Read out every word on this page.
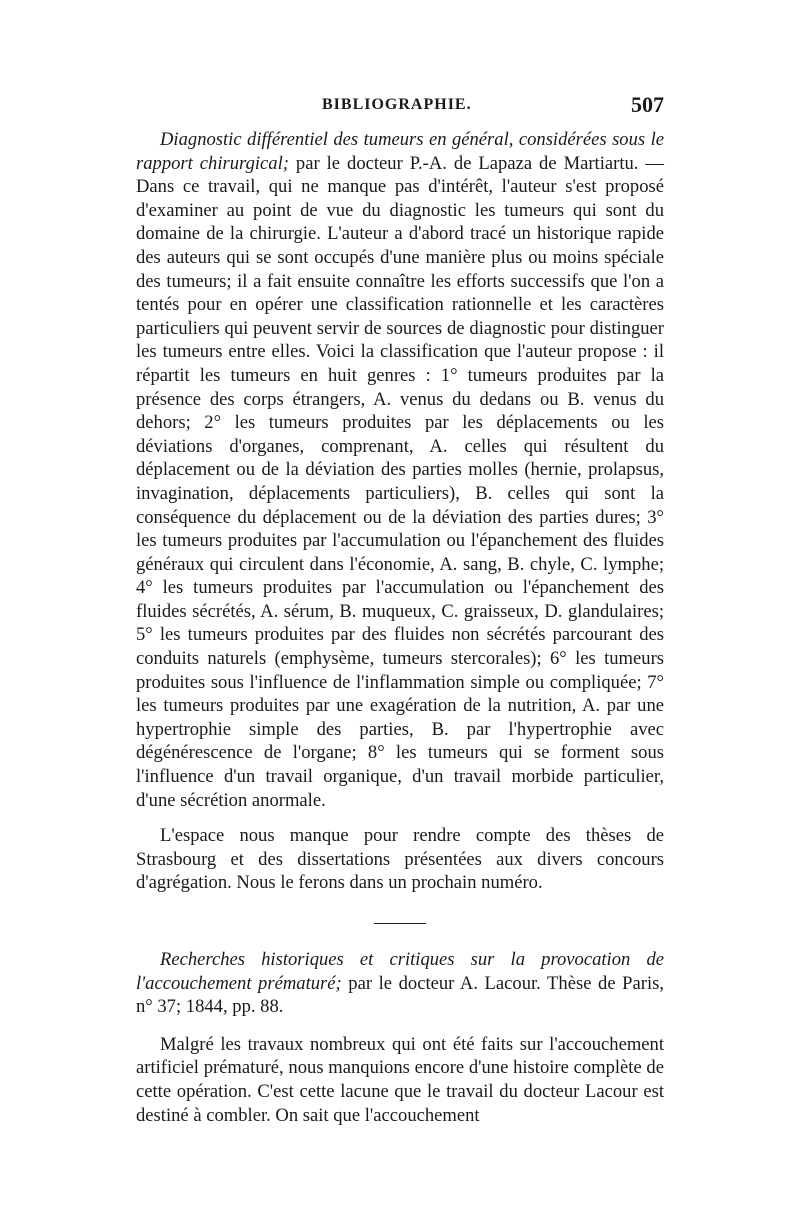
BIBLIOGRAPHIE.	507

Diagnostic différentiel des tumeurs en général, considérées sous le rapport chirurgical; par le docteur P.-A. de Lapaza de Martiartu. —Dans ce travail, qui ne manque pas d'intérêt, l'auteur s'est proposé d'examiner au point de vue du diagnostic les tumeurs qui sont du domaine de la chirurgie. L'auteur a d'abord tracé un historique rapide des auteurs qui se sont occupés d'une manière plus ou moins spéciale des tumeurs; il a fait ensuite connaître les efforts successifs que l'on a tentés pour en opérer une classification rationnelle et les caractères particuliers qui peuvent servir de sources de diagnostic pour distinguer les tumeurs entre elles. Voici la classification que l'auteur propose : il répartit les tumeurs en huit genres : 1° tumeurs produites par la présence des corps étrangers, A. venus du dedans ou B. venus du dehors; 2° les tumeurs produites par les déplacements ou les déviations d'organes, comprenant, A. celles qui résultent du déplacement ou de la déviation des parties molles (hernie, prolapsus, invagination, déplacements particuliers), B. celles qui sont la conséquence du déplacement ou de la déviation des parties dures; 3° les tumeurs produites par l'accumulation ou l'épanchement des fluides généraux qui circulent dans l'économie, A. sang, B. chyle, C. lymphe; 4° les tumeurs produites par l'accumulation ou l'épanchement des fluides sécrétés, A. sérum, B. muqueux, C. graisseux, D. glandulaires; 5° les tumeurs produites par des fluides non sécrétés parcourant des conduits naturels (emphysème, tumeurs stercorales); 6° les tumeurs produites sous l'influence de l'inflammation simple ou compliquée; 7° les tumeurs produites par une exagération de la nutrition, A. par une hypertrophie simple des parties, B. par l'hypertrophie avec dégénérescence de l'organe; 8° les tumeurs qui se forment sous l'influence d'un travail organique, d'un travail morbide particulier, d'une sécrétion anormale.

L'espace nous manque pour rendre compte des thèses de Strasbourg et des dissertations présentées aux divers concours d'agrégation. Nous le ferons dans un prochain numéro.

Recherches historiques et critiques sur la provocation de l'accouchement prématuré; par le docteur A. Lacour. Thèse de Paris, n° 37; 1844, pp. 88.

Malgré les travaux nombreux qui ont été faits sur l'accouchement artificiel prématuré, nous manquions encore d'une histoire complète de cette opération. C'est cette lacune que le travail du docteur Lacour est destiné à combler. On sait que l'accouchement
